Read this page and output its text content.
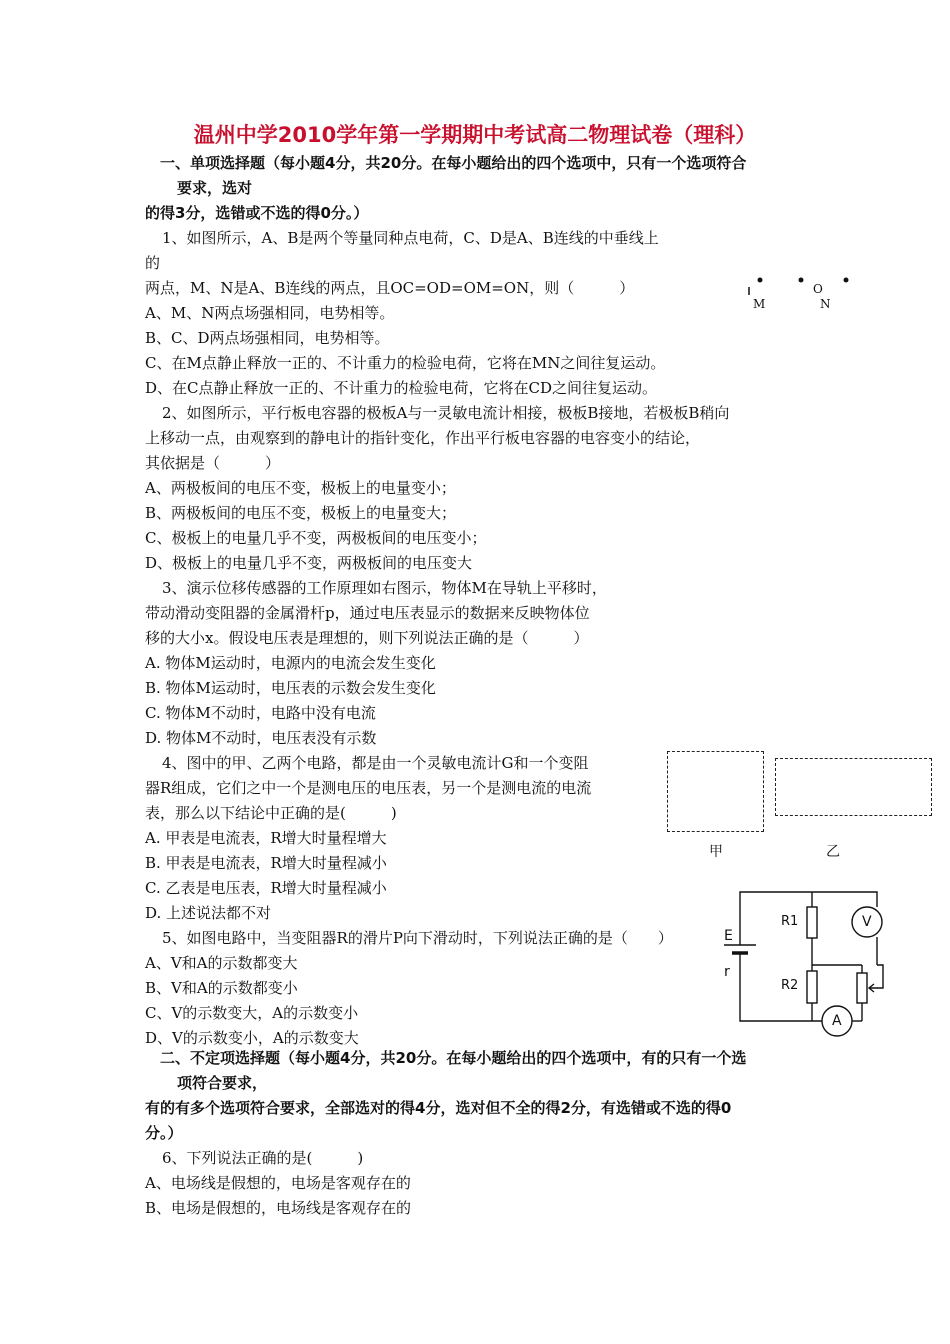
温州中学2010学年第一学期期中考试高二物理试卷（理科）
一、单项选择题（每小题4分，共20分。在每小题给出的四个选项中，只有一个选项符合
要求，选对
的得3分，选错或不选的得0分。）
1、如图所示，A、B是两个等量同种点电荷，C、D是A、B连线的中垂线上
的
两点，M、N是A、B连线的两点，且OC=OD=OM=ON，则（　　　）
A、M、N两点场强相同，电势相等。
B、C、D两点场强相同，电势相等。
C、在M点静止释放一正的、不计重力的检验电荷，它将在MN之间往复运动。
D、在C点静止释放一正的、不计重力的检验电荷，它将在CD之间往复运动。
M
O
N
2、如图所示，平行板电容器的极板A与一灵敏电流计相接，极板B接地，若极板B稍向
上移动一点，由观察到的静电计的指针变化，作出平行板电容器的电容变小的结论，
其依据是（　　　）
A、两极板间的电压不变，极板上的电量变小；
B、两极板间的电压不变，极板上的电量变大；
C、极板上的电量几乎不变，两极板间的电压变小；
D、极板上的电量几乎不变，两极板间的电压变大
3、演示位移传感器的工作原理如右图示，物体M在导轨上平移时，
带动滑动变阻器的金属滑杆p，通过电压表显示的数据来反映物体位
移的大小x。假设电压表是理想的，则下列说法正确的是（　　　）
A. 物体M运动时，电源内的电流会发生变化
B. 物体M运动时，电压表的示数会发生变化
C. 物体M不动时，电路中没有电流
D. 物体M不动时，电压表没有示数
4、图中的甲、乙两个电路，都是由一个灵敏电流计G和一个变阻
器R组成，它们之中一个是测电压的电压表，另一个是测电流的电流
表，那么以下结论中正确的是(　　　)
A. 甲表是电流表，R增大时量程增大
B. 甲表是电流表，R增大时量程减小
C. 乙表是电压表，R增大时量程减小
D. 上述说法都不对
甲	乙
5、如图电路中，当变阻器R的滑片P向下滑动时，下列说法正确的是（　　）
A、V和A的示数都变大
B、V和A的示数都变小
C、V的示数变大，A的示数变小
D、V的示数变小，A的示数变大
E
r
R1
R2
V
A
二、不定项选择题（每小题4分，共20分。在每小题给出的四个选项中，有的只有一个选
项符合要求，
有的有多个选项符合要求，全部选对的得4分，选对但不全的得2分，有选错或不选的得0
分。）
6、下列说法正确的是(　　　)
A、电场线是假想的，电场是客观存在的
B、电场是假想的，电场线是客观存在的
